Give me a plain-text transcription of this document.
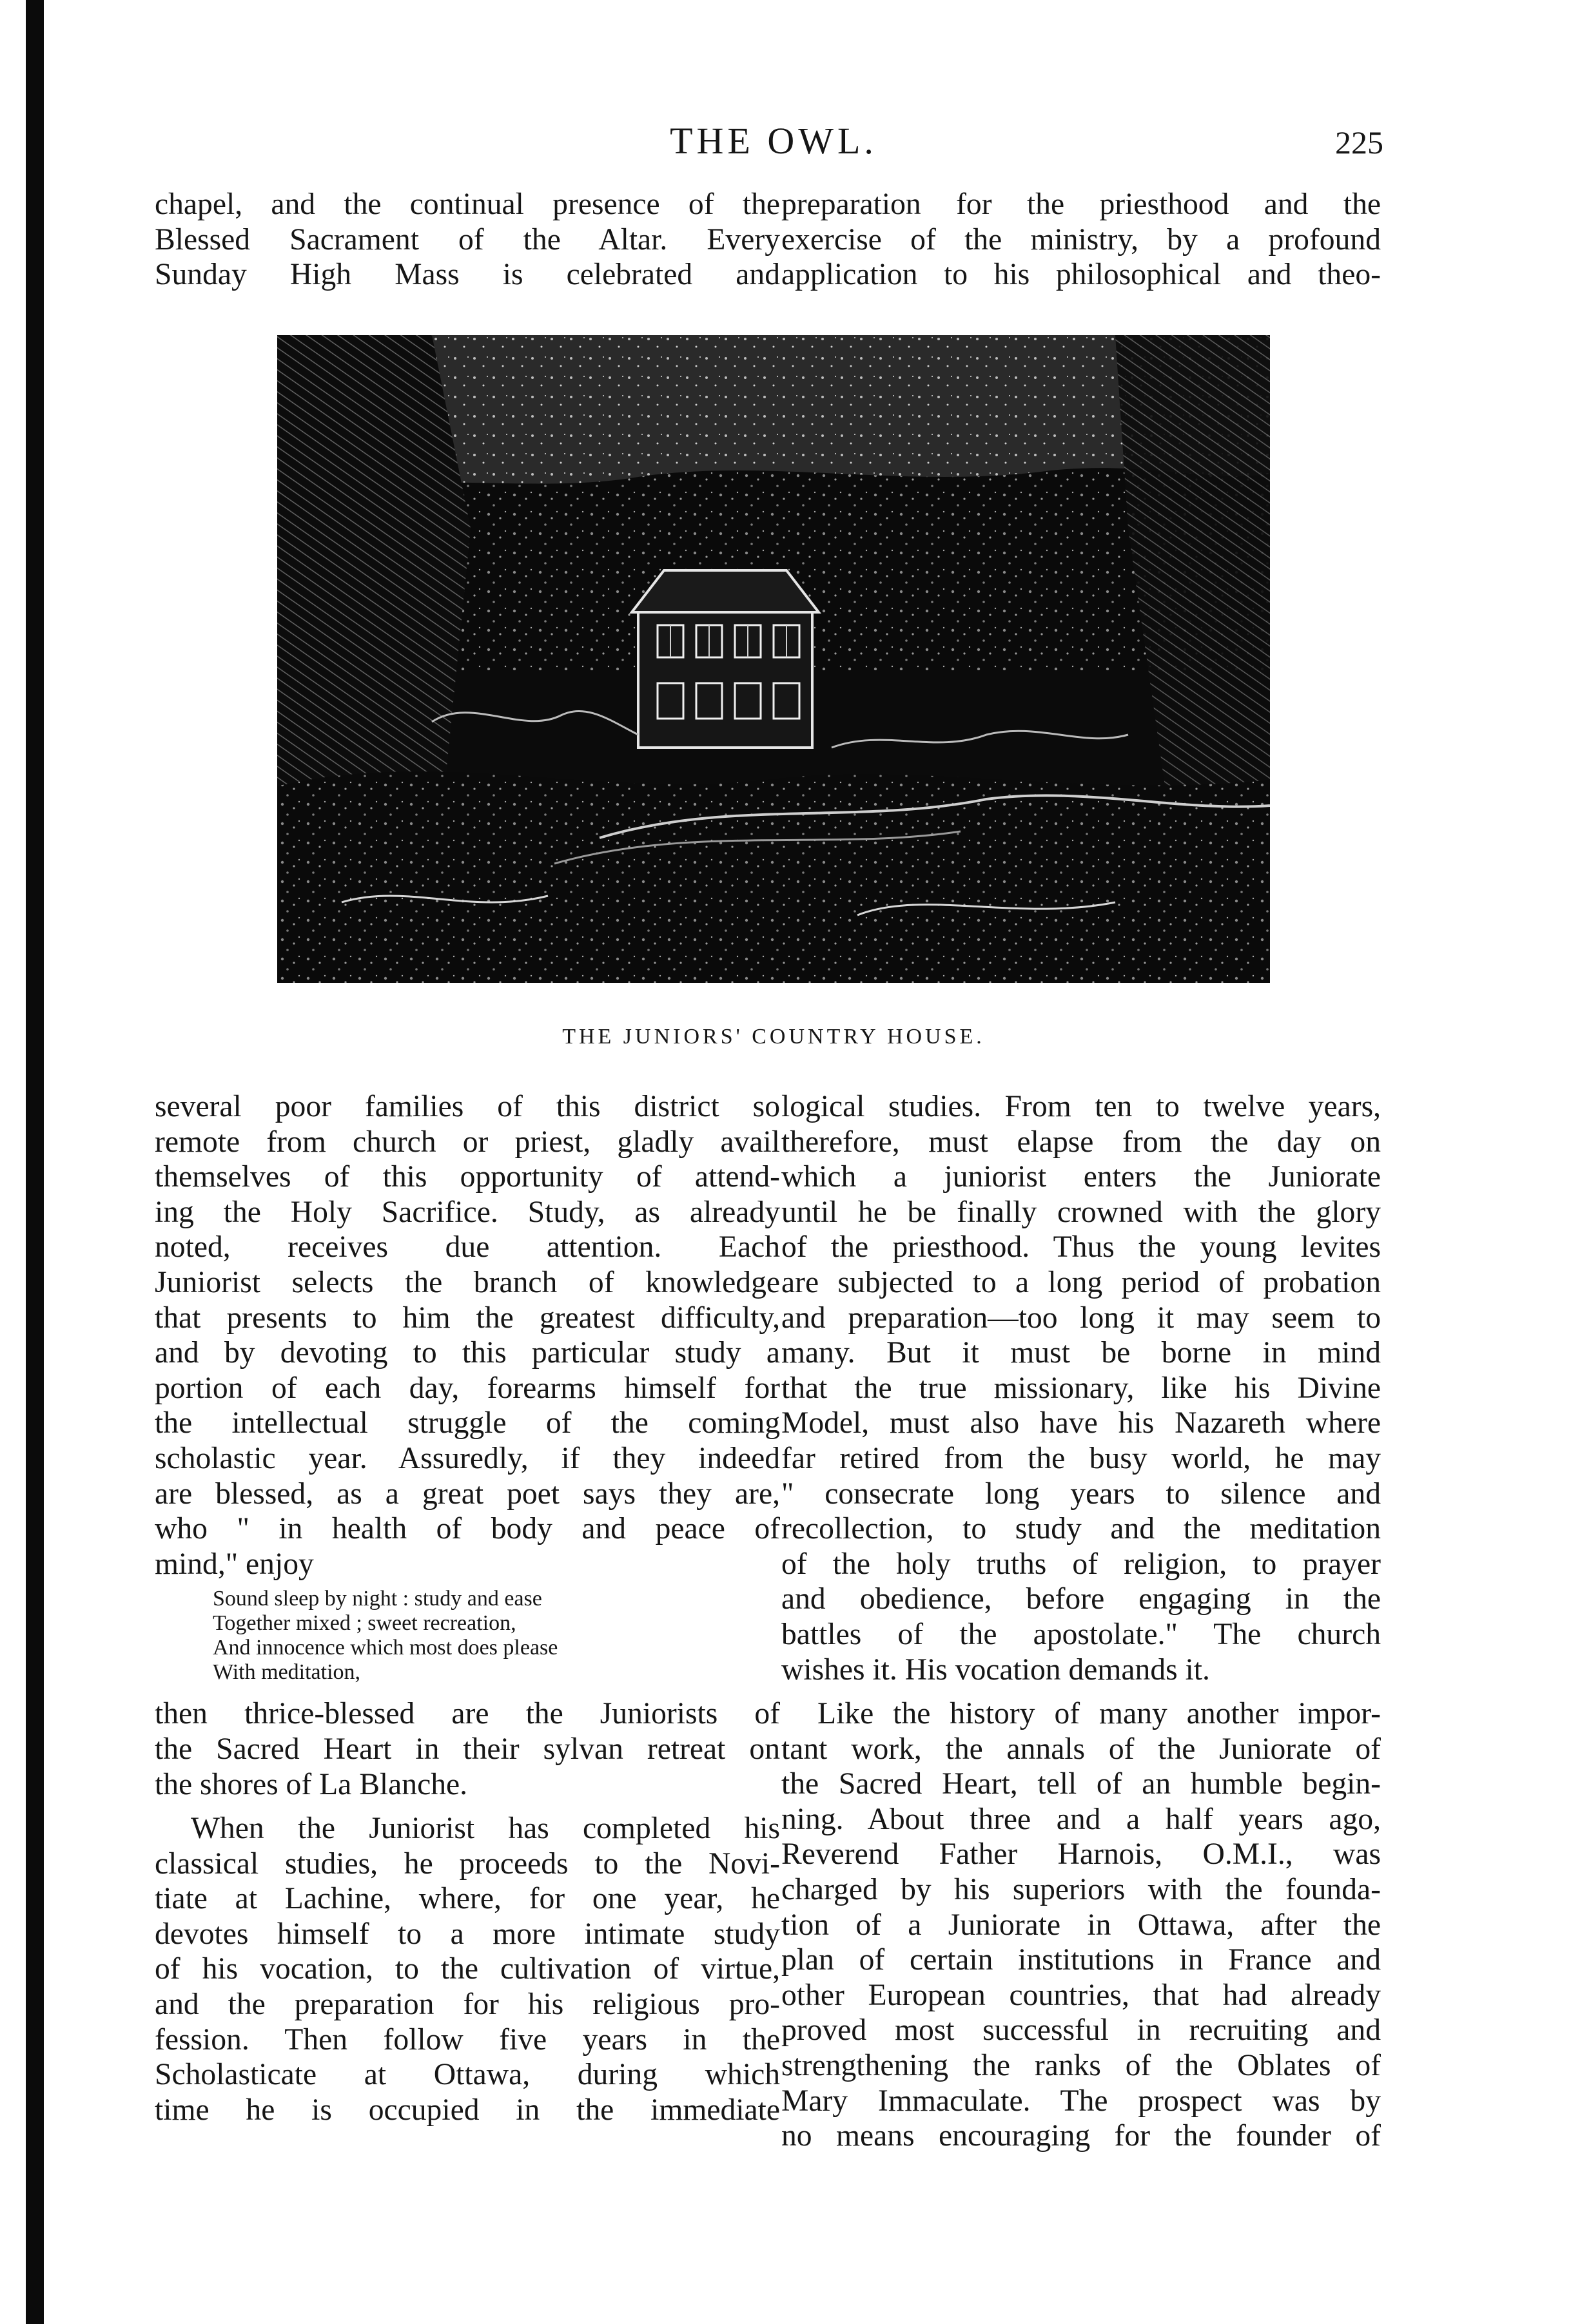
THE OWL.	225
chapel, and the continual presence of the
Blessed Sacrament of the Altar. Every
Sunday High Mass is celebrated and
preparation for the priesthood and the
exercise of the ministry, by a profound
application to his philosophical and theo-
THE JUNIORS' COUNTRY HOUSE.
several poor families of this district so
remote from church or priest, gladly avail
themselves of this opportunity of attend-
ing the Holy Sacrifice. Study, as already
noted, receives due attention. Each
Juniorist selects the branch of knowledge
that presents to him the greatest difficulty,
and by devoting to this particular study a
portion of each day, forearms himself for
the intellectual struggle of the coming
scholastic year. Assuredly, if they indeed
are blessed, as a great poet says they are,
who " in health of body and peace of
mind," enjoy
Sound sleep by night : study and ease
Together mixed ; sweet recreation,
And innocence which most does please
With meditation,
then thrice-blessed are the Juniorists of
the Sacred Heart in their sylvan retreat on
the shores of La Blanche.
When the Juniorist has completed his
classical studies, he proceeds to the Novi-
tiate at Lachine, where, for one year, he
devotes himself to a more intimate study
of his vocation, to the cultivation of virtue,
and the preparation for his religious pro-
fession. Then follow five years in the
Scholasticate at Ottawa, during which
time he is occupied in the immediate
logical studies. From ten to twelve years,
therefore, must elapse from the day on
which a juniorist enters the Juniorate
until he be finally crowned with the glory
of the priesthood. Thus the young levites
are subjected to a long period of probation
and preparation—too long it may seem to
many. But it must be borne in mind
that the true missionary, like his Divine
Model, must also have his Nazareth where
far retired from the busy world, he may
" consecrate long years to silence and
recollection, to study and the meditation
of the holy truths of religion, to prayer
and obedience, before engaging in the
battles of the apostolate." The church
wishes it. His vocation demands it.
Like the history of many another impor-
tant work, the annals of the Juniorate of
the Sacred Heart, tell of an humble begin-
ning. About three and a half years ago,
Reverend Father Harnois, O.M.I., was
charged by his superiors with the founda-
tion of a Juniorate in Ottawa, after the
plan of certain institutions in France and
other European countries, that had already
proved most successful in recruiting and
strengthening the ranks of the Oblates of
Mary Immaculate. The prospect was by
no means encouraging for the founder of
